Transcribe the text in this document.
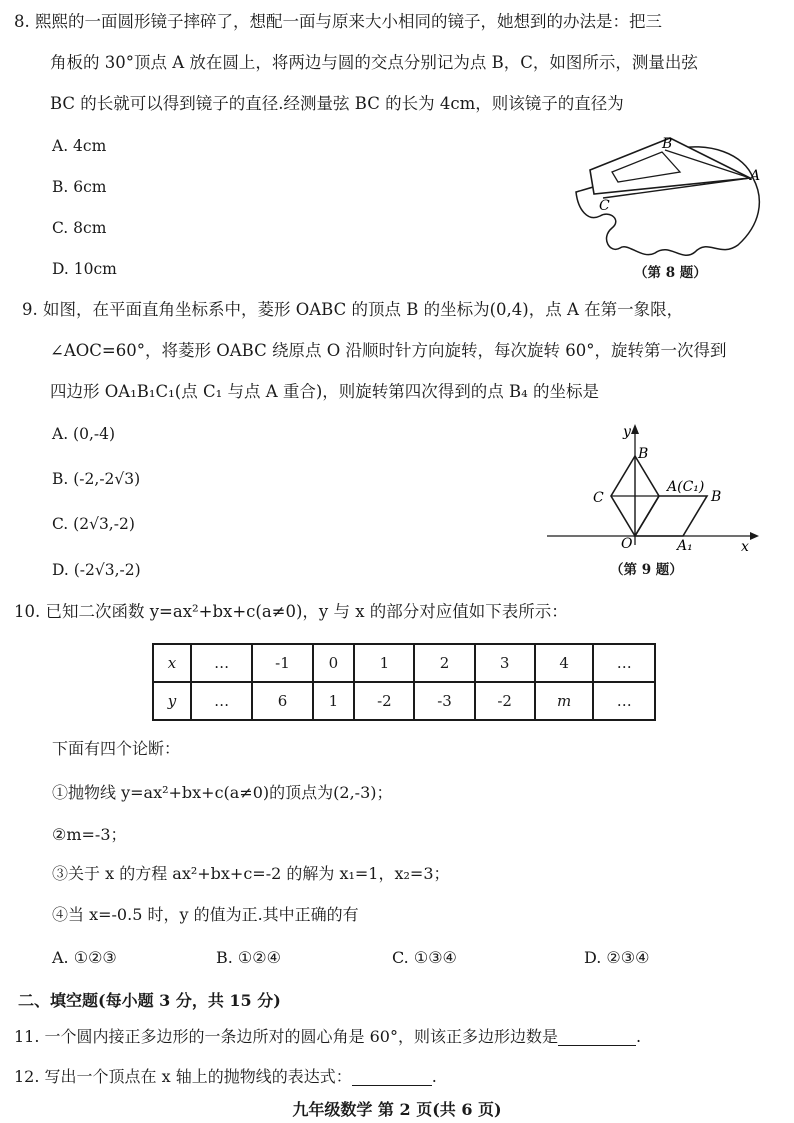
8. 熙熙的一面圆形镜子摔碎了，想配一面与原来大小相同的镜子，她想到的办法是：把三
角板的 30°顶点 A 放在圆上，将两边与圆的交点分别记为点 B，C，如图所示，测量出弦
BC 的长就可以得到镜子的直径.经测量弦 BC 的长为 4cm，则该镜子的直径为
A. 4cm
B. 6cm
C. 8cm
D. 10cm
B
A
C
（第 8 题）
9. 如图，在平面直角坐标系中，菱形 OABC 的顶点 B 的坐标为(0,4)，点 A 在第一象限，
∠AOC=60°，将菱形 OABC 绕原点 O 沿顺时针方向旋转，每次旋转 60°，旋转第一次得到
四边形 OA₁B₁C₁(点 C₁ 与点 A 重合)，则旋转第四次得到的点 B₄ 的坐标是
A. (0,-4)
B. (-2,-2√3)
C. (2√3,-2)
D. (-2√3,-2)
y
x
B
C
A(C₁)
B
O	A₁
（第 9 题）
10. 已知二次函数 y=ax²+bx+c(a≠0)，y 与 x 的部分对应值如下表所示：
x	…	-1	0	1	2	3	4	…
y	…	6	1	-2	-3	-2	m	…
下面有四个论断：
①抛物线 y=ax²+bx+c(a≠0)的顶点为(2,-3)；
②m=-3；
③关于 x 的方程 ax²+bx+c=-2 的解为 x₁=1，x₂=3；
④当 x=-0.5 时，y 的值为正.其中正确的有
A. ①②③	B. ①②④	C. ①③④	D. ②③④
二、填空题(每小题 3 分，共 15 分)
11. 一个圆内接正多边形的一条边所对的圆心角是 60°，则该正多边形边数是	.
12. 写出一个顶点在 x 轴上的抛物线的表达式：	.
九年级数学 第 2 页(共 6 页)
